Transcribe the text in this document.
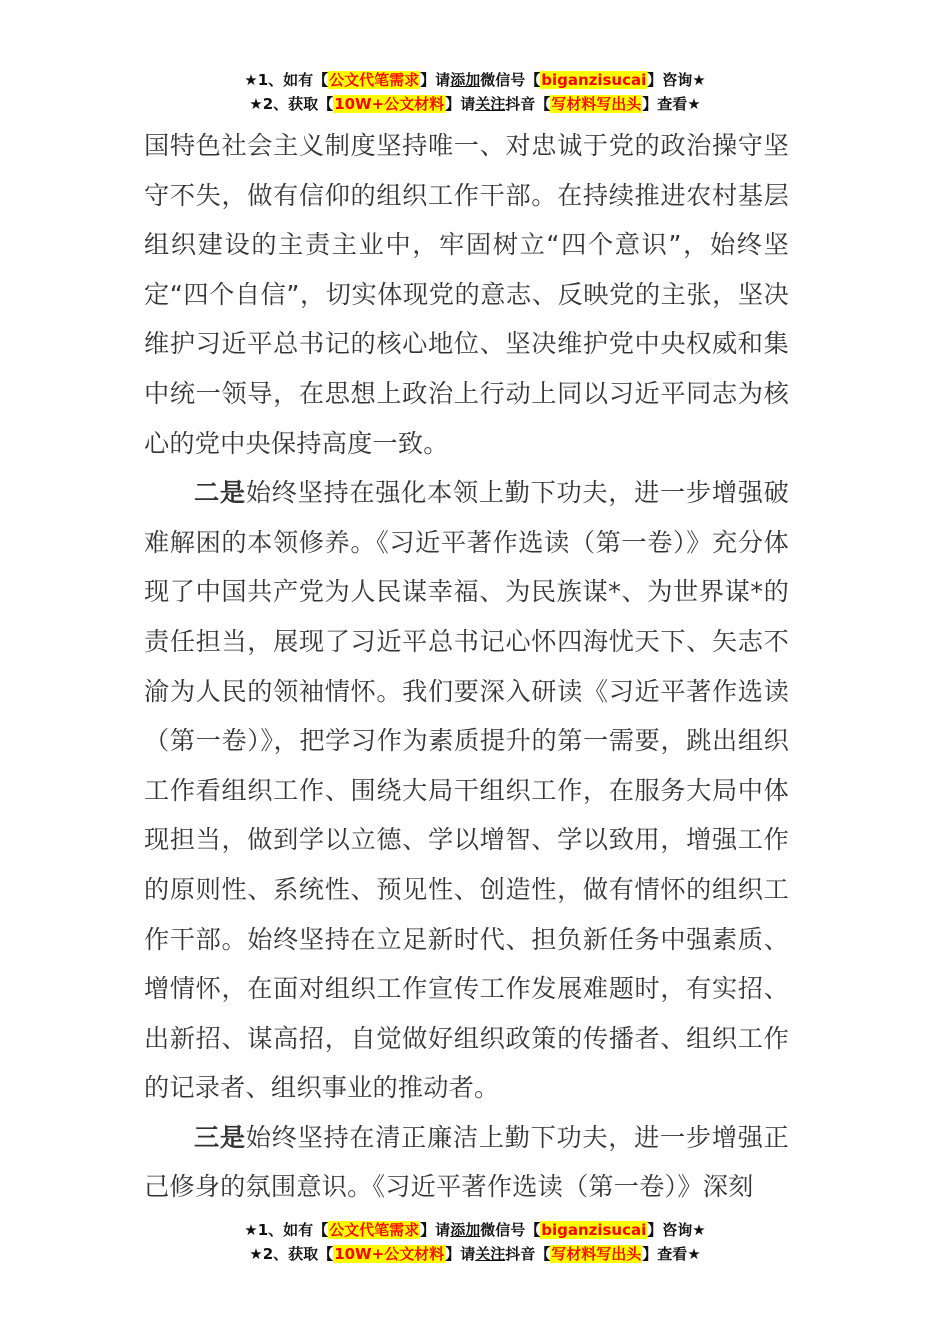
★1、如有【公文代笔需求】请添加微信号【biganzisucai】咨询★
★2、获取【10W+公文材料】请关注抖音【写材料写出头】查看★

国特色社会主义制度坚持唯一、对忠诚于党的政治操守坚守不失，做有信仰的组织工作干部。在持续推进农村基层组织建设的主责主业中，牢固树立“四个意识”，始终坚定“四个自信”，切实体现党的意志、反映党的主张，坚决维护习近平总书记的核心地位、坚决维护党中央权威和集中统一领导，在思想上政治上行动上同以习近平同志为核心的党中央保持高度一致。

二是始终坚持在强化本领上勤下功夫，进一步增强破难解困的本领修养。《习近平著作选读（第一卷）》充分体现了中国共产党为人民谋幸福、为民族谋*、为世界谋*的责任担当，展现了习近平总书记心怀四海忧天下、矢志不渝为人民的领袖情怀。我们要深入研读《习近平著作选读（第一卷）》，把学习作为素质提升的第一需要，跳出组织工作看组织工作、围绕大局干组织工作，在服务大局中体现担当，做到学以立德、学以增智、学以致用，增强工作的原则性、系统性、预见性、创造性，做有情怀的组织工作干部。始终坚持在立足新时代、担负新任务中强素质、增情怀，在面对组织工作宣传工作发展难题时，有实招、出新招、谋高招，自觉做好组织政策的传播者、组织工作的记录者、组织事业的推动者。

三是始终坚持在清正廉洁上勤下功夫，进一步增强正己修身的氛围意识。《习近平著作选读（第一卷）》深刻

★1、如有【公文代笔需求】请添加微信号【biganzisucai】咨询★
★2、获取【10W+公文材料】请关注抖音【写材料写出头】查看★
